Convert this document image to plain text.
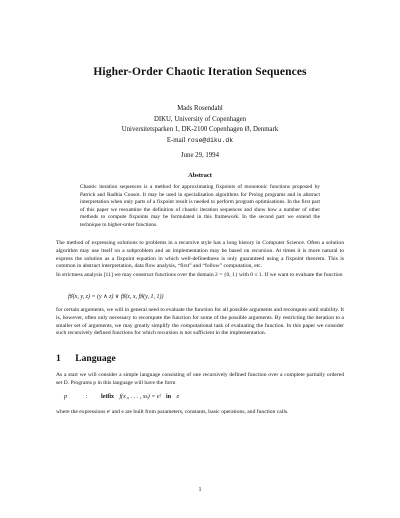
Higher-Order Chaotic Iteration Sequences
Mads Rosendahl
DIKU, University of Copenhagen
Universitetsparken 1, DK-2100 Copenhagen Ø, Denmark
E-mail rose@diku.dk
June 29, 1994
Abstract
Chaotic iteration sequences is a method for approximating fixpoints of monotonic functions proposed by Patrick and Radhia Cousot. It may be used in specialisation algorithms for Prolog programs and in abstract interpretation when only parts of a fixpoint result is needed to perform program optimisations. In the first part of this paper we reexamine the definition of chaotic iteration sequences and show how a number of other methods to compute fixpoints may be formulated in this framework. In the second part we extend the technique to higher-order functions.
The method of expressing solutions to problems in a recursive style has a long history in Computer Science. Often a solution algorithm may use itself on a subproblem and an implementation may be based on recursion. At times it is more natural to express the solution as a fixpoint equation in which well-definedness is only guaranteed using a fixpoint theorem. This is common in abstract interpretation, data flow analysis, “first” and “follow” computation, etc.
In strictness analysis [11] we may construct functions over the domain 2 = {0, 1} with 0 ≤ 1. If we want to evaluate the function
f♯(x, y, z) = (y ∧ z) ∨ f♯(z, x, f♯(y, 1, 1))
for certain arguments, we will in general need to evaluate the function for all possible arguments and recompute until stability. It is, however, often only necessary to recompute the function for some of the possible arguments. By restricting the iteration to a smaller set of arguments, we may greatly simplify the computational task of evaluating the function. In this paper we consider such recursively defined functions for which recursion is not sufficient in the implementation.
1 Language
As a start we will consider a simple language consisting of one recursively defined function over a complete partially ordered set D. Programs p in this language will have the form
p	: letfix f(x₁, . . . , xₖ) = eᶠ in e
where the expressions eᶠ and e are built from parameters, constants, basic operations, and function calls.
1
